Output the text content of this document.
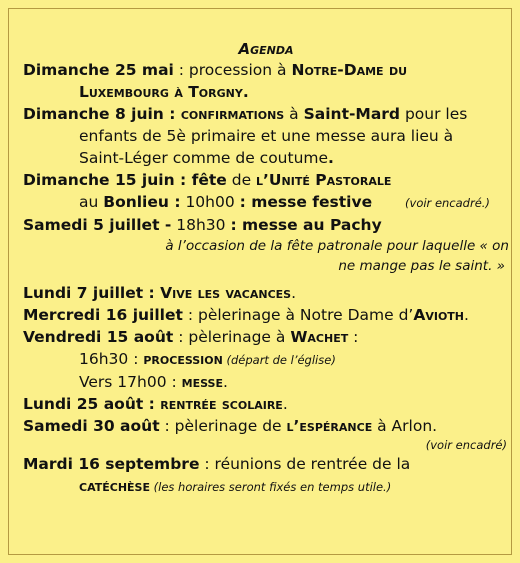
Agenda
Dimanche 25 mai : procession à Notre-Dame du
Luxembourg à Torgny.
Dimanche 8 juin : confirmations à Saint-Mard pour les
enfants de 5è primaire et une messe aura lieu à
Saint-Léger comme de coutume.
Dimanche 15 juin : fête de l’Unité Pastorale
au Bonlieu : 10h00 : messe festive	(voir encadré.)
Samedi 5 juillet - 18h30 : messe au Pachy
à l’occasion de la fête patronale pour laquelle « on
ne mange pas le saint. »
Lundi 7 juillet : Vive les vacances.
Mercredi 16 juillet : pèlerinage à Notre Dame d’Avioth.
Vendredi 15 août : pèlerinage à Wachet :
16h30 : procession (départ de l’église)
Vers 17h00 : messe.
Lundi 25 août : rentrée scolaire.
Samedi 30 août : pèlerinage de l’espérance à Arlon.
(voir encadré)
Mardi 16 septembre : réunions de rentrée de la
catéchèse (les horaires seront fixés en temps utile.)
